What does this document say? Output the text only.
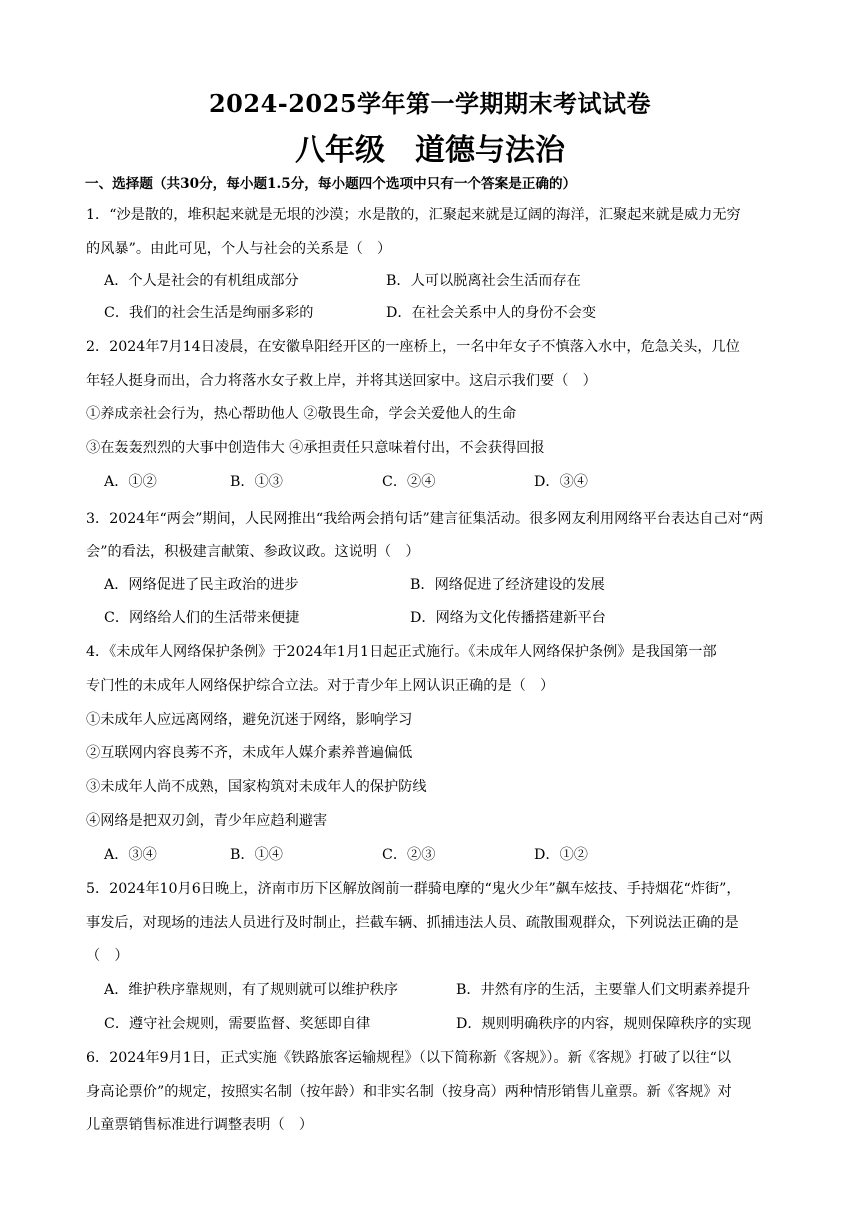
2024-2025学年第一学期期末考试试卷
八年级　道德与法治
一、选择题（共30分，每小题1.5分，每小题四个选项中只有一个答案是正确的）
1．“沙是散的，堆积起来就是无垠的沙漠；水是散的，汇聚起来就是辽阔的海洋，汇聚起来就是威力无穷
的风暴”。由此可见，个人与社会的关系是（　）
A．个人是社会的有机组成部分	B．人可以脱离社会生活而存在
C．我们的社会生活是绚丽多彩的	D．在社会关系中人的身份不会变
2．2024年7月14日凌晨，在安徽阜阳经开区的一座桥上，一名中年女子不慎落入水中，危急关头，几位
年轻人挺身而出，合力将落水女子救上岸，并将其送回家中。这启示我们要（　）
①养成亲社会行为，热心帮助他人 ②敬畏生命，学会关爱他人的生命
③在轰轰烈烈的大事中创造伟大 ④承担责任只意味着付出，不会获得回报
A．①②	B．①③	C．②④	D．③④
3．2024年“两会”期间，人民网推出“我给两会捎句话”建言征集活动。很多网友利用网络平台表达自己对“两
会”的看法，积极建言献策、参政议政。这说明（　）
A．网络促进了民主政治的进步	B．网络促进了经济建设的发展
C．网络给人们的生活带来便捷	D．网络为文化传播搭建新平台
4．《未成年人网络保护条例》于2024年1月1日起正式施行。《未成年人网络保护条例》是我国第一部
专门性的未成年人网络保护综合立法。对于青少年上网认识正确的是（　）
①未成年人应远离网络，避免沉迷于网络，影响学习
②互联网内容良莠不齐，未成年人媒介素养普遍偏低
③未成年人尚不成熟，国家构筑对未成年人的保护防线
④网络是把双刃剑，青少年应趋利避害
A．③④	B．①④	C．②③	D．①②
5．2024年10月6日晚上，济南市历下区解放阁前一群骑电摩的“鬼火少年”飙车炫技、手持烟花“炸街”，
事发后，对现场的违法人员进行及时制止，拦截车辆、抓捕违法人员、疏散围观群众，下列说法正确的是
（　）
A．维护秩序靠规则，有了规则就可以维护秩序	B．井然有序的生活，主要靠人们文明素养提升
C．遵守社会规则，需要监督、奖惩即自律	D．规则明确秩序的内容，规则保障秩序的实现
6．2024年9月1日，正式实施《铁路旅客运输规程》（以下简称新《客规》）。新《客规》打破了以往“以
身高论票价”的规定，按照实名制（按年龄）和非实名制（按身高）两种情形销售儿童票。新《客规》对
儿童票销售标准进行调整表明（　）
